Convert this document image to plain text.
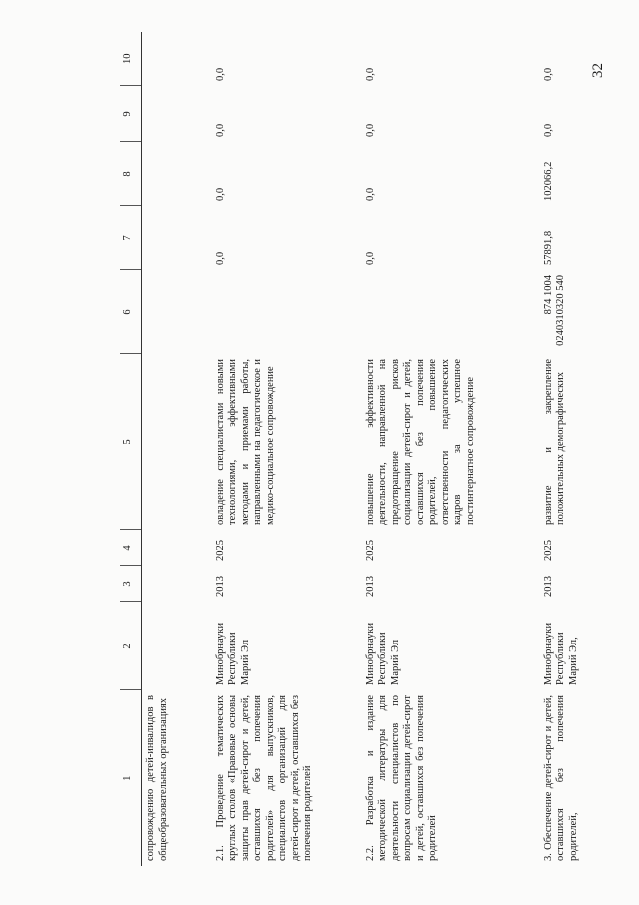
32
1	2	3	4	5	6	7	8	9	10
сопровождению детей-инвалидов в общеобразовательных организациях									
2.1. Проведение тематических круглых столов «Правовые основы защиты прав детей-сирот и детей, оставшихся без попечения родителей» для выпускников, специалистов организаций для детей-сирот и детей, оставшихся без попечения родителей	Минобрнауки Республики Марий Эл	2013	2025	овладение специалистами новыми технологиями, эффективными методами и приемами работы, направленными на педагогическое и медико-социальное сопровождение		0,0	0,0	0,0	0,0
2.2. Разработка и издание методической литературы для деятельности специалистов по вопросам социализации детей-сирот и детей, оставшихся без попечения родителей	Минобрнауки Республики Марий Эл	2013	2025	повышение эффективности деятельности, направленной на предотвращение рисков социализации детей-сирот и детей, оставшихся без попечения родителей, повышение ответственности педагогических кадров за успешное постинтернатное сопровождение		0,0	0,0	0,0	0,0
3. Обеспечение детей-сирот и детей, оставшихся без попечения родителей,	Минобрнауки Республики Марий Эл,	2013	2025	развитие и закрепление положительных демографических	874 1004 0240310320 540	57891,8	102066,2	0,0	0,0
